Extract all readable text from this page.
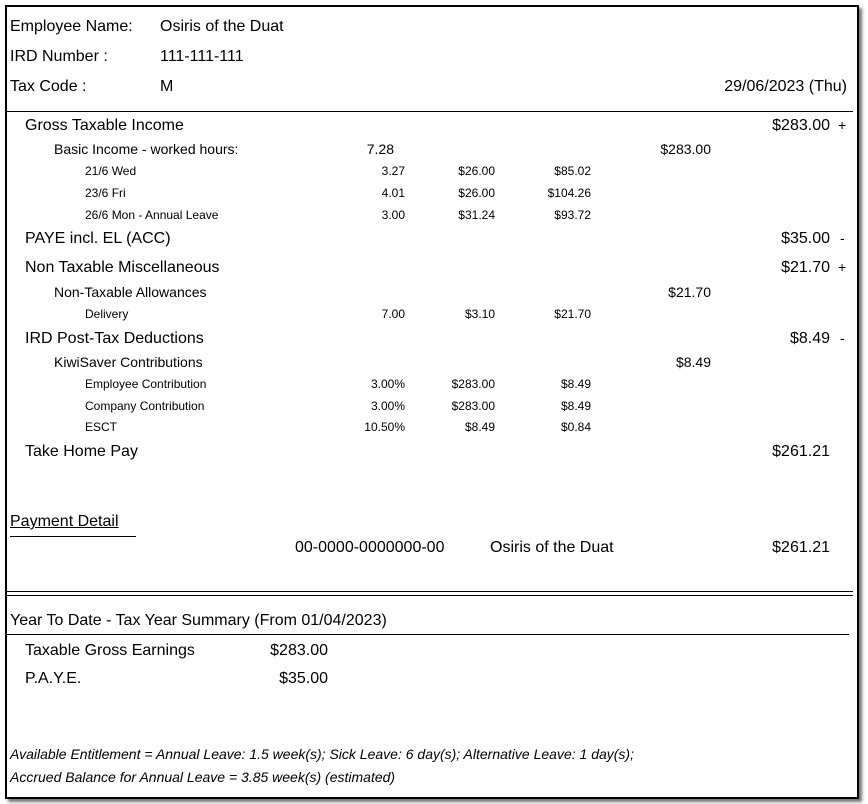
Employee Name: Osiris of the Duat
IRD Number :	111-111-111
Tax Code :	M	29/06/2023 (Thu)
Gross Taxable Income	$283.00 +
Basic Income - worked hours:	7.28	$283.00
21/6 Wed	3.27	$26.00	$85.02
23/6 Fri	4.01	$26.00	$104.26
26/6 Mon - Annual Leave	3.00	$31.24	$93.72
PAYE incl. EL (ACC)	$35.00 -
Non Taxable Miscellaneous	$21.70 +
Non-Taxable Allowances	$21.70
Delivery	7.00	$3.10	$21.70
IRD Post-Tax Deductions	$8.49 -
KiwiSaver Contributions	$8.49
Employee Contribution	3.00%	$283.00	$8.49
Company Contribution	3.00%	$283.00	$8.49
ESCT	10.50%	$8.49	$0.84
Take Home Pay	$261.21
Payment Detail
00-0000-0000000-00	Osiris of the Duat	$261.21
Year To Date - Tax Year Summary (From 01/04/2023)
Taxable Gross Earnings	$283.00
P.A.Y.E.	$35.00
Available Entitlement = Annual Leave: 1.5 week(s); Sick Leave: 6 day(s); Alternative Leave: 1 day(s);
Accrued Balance for Annual Leave = 3.85 week(s) (estimated)
